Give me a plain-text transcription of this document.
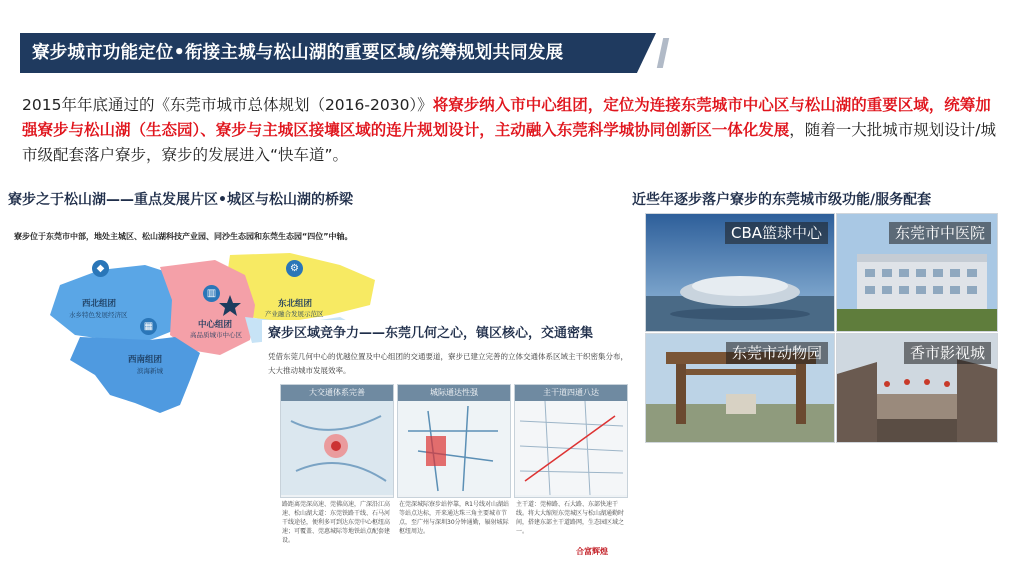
寮步城市功能定位•衔接主城与松山湖的重要区域/统筹规划共同发展
2015年年底通过的《东莞市城市总体规划（2016-2030）》将寮步纳入市中心组团，定位为连接东莞城市中心区与松山湖的重要区域，统筹加强寮步与松山湖（生态园）、寮步与主城区接壤区域的连片规划设计，主动融入东莞科学城协同创新区一体化发展，随着一大批城市规划设计/城市级配套落户寮步，寮步的发展进入“快车道”。
寮步之于松山湖——重点发展片区•城区与松山湖的桥梁
寮步位于东莞市中部，地处主城区、松山湖科技产业园、同沙生态园和东莞生态园“四位”中轴。
◆
西北组团
水乡特色发展经济区
▥
中心组团
高品质城市中心区
⚙
东北组团
产业融合发展示范区
▦
西南组团
滨海新城
寮步区域竞争力——东莞几何之心，镇区核心，交通密集
凭借东莞几何中心的优越位置及中心组团的交通要道，寮步已建立完善的立体交通体系区域主干织密集分布，大大推动城市发展效率。
大交通体系完善
路距离莞深高速、莞佛高速，广深沿江高速、松山湖大道：东莞铁路干线、石马河干线途径，便利多可到达东莞中心枢纽高速；可覆盖、莞惠城际等地铁站点配套建设。
城际通达性强
在莞深城际寮步站停靠，R1号线对山湖站等站点达标，开来通达珠三角主要城市节点，至广州与深圳30分钟通勤，辐射城际枢纽周边。
主干道四通八达
主干道：莞樟路、石大路、东部快速干线。将大大缩短东莞城区与松山湖通勤时间，搭建东部主干道路网，生态园区域之一。
合富辉煌
近些年逐步落户寮步的东莞城市级功能/服务配套
CBA篮球中心	东莞市中医院
东莞市动物园	香市影视城
